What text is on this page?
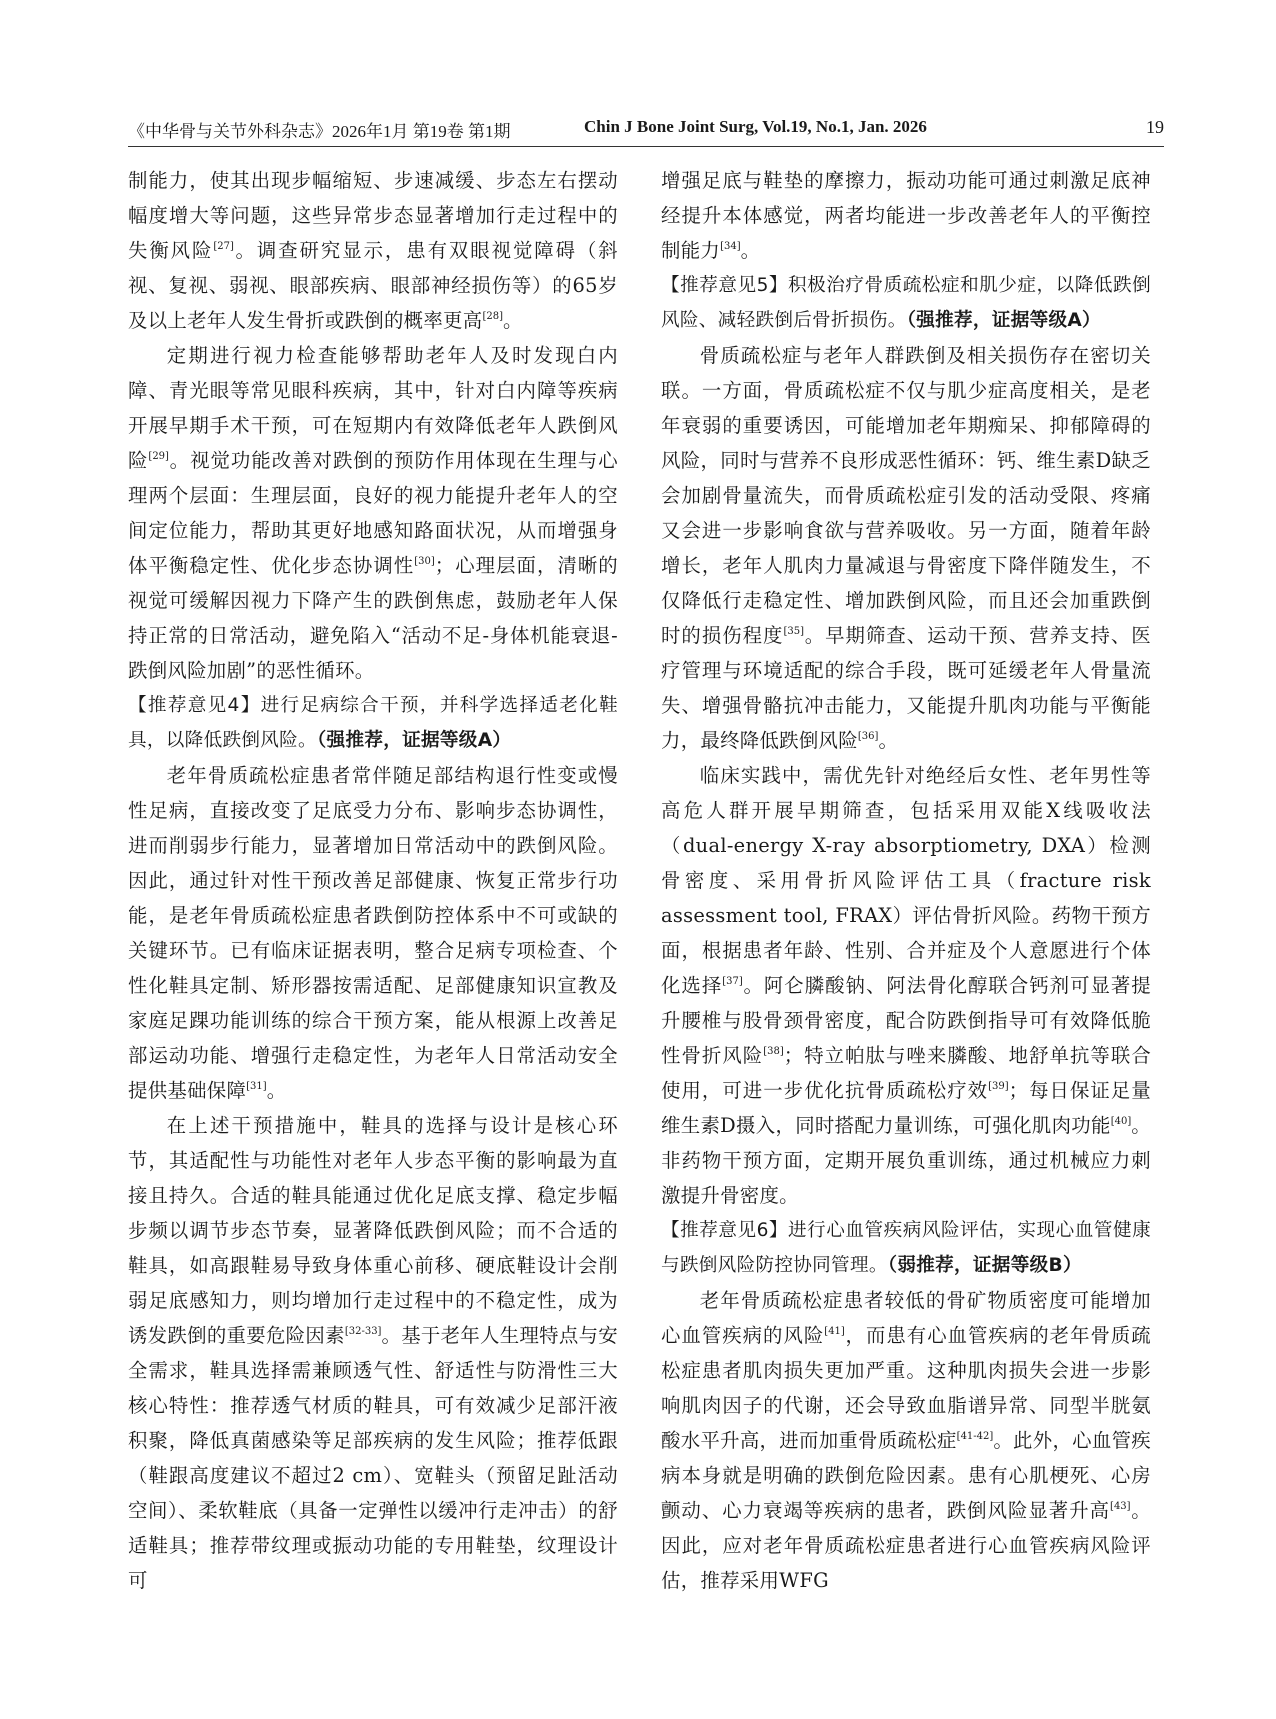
《中华骨与关节外科杂志》2026年1月 第19卷 第1期	Chin J Bone Joint Surg, Vol.19, No.1, Jan. 2026	19

制能力，使其出现步幅缩短、步速减缓、步态左右摆动幅度增大等问题，这些异常步态显著增加行走过程中的失衡风险[27]。调查研究显示，患有双眼视觉障碍（斜视、复视、弱视、眼部疾病、眼部神经损伤等）的65岁及以上老年人发生骨折或跌倒的概率更高[28]。

定期进行视力检查能够帮助老年人及时发现白内障、青光眼等常见眼科疾病，其中，针对白内障等疾病开展早期手术干预，可在短期内有效降低老年人跌倒风险[29]。视觉功能改善对跌倒的预防作用体现在生理与心理两个层面：生理层面，良好的视力能提升老年人的空间定位能力，帮助其更好地感知路面状况，从而增强身体平衡稳定性、优化步态协调性[30]；心理层面，清晰的视觉可缓解因视力下降产生的跌倒焦虑，鼓励老年人保持正常的日常活动，避免陷入“活动不足-身体机能衰退-跌倒风险加剧”的恶性循环。

【推荐意见4】进行足病综合干预，并科学选择适老化鞋具，以降低跌倒风险。（强推荐，证据等级A）

老年骨质疏松症患者常伴随足部结构退行性变或慢性足病，直接改变了足底受力分布、影响步态协调性，进而削弱步行能力，显著增加日常活动中的跌倒风险。因此，通过针对性干预改善足部健康、恢复正常步行功能，是老年骨质疏松症患者跌倒防控体系中不可或缺的关键环节。已有临床证据表明，整合足病专项检查、个性化鞋具定制、矫形器按需适配、足部健康知识宣教及家庭足踝功能训练的综合干预方案，能从根源上改善足部运动功能、增强行走稳定性，为老年人日常活动安全提供基础保障[31]。

在上述干预措施中，鞋具的选择与设计是核心环节，其适配性与功能性对老年人步态平衡的影响最为直接且持久。合适的鞋具能通过优化足底支撑、稳定步幅步频以调节步态节奏，显著降低跌倒风险；而不合适的鞋具，如高跟鞋易导致身体重心前移、硬底鞋设计会削弱足底感知力，则均增加行走过程中的不稳定性，成为诱发跌倒的重要危险因素[32-33]。基于老年人生理特点与安全需求，鞋具选择需兼顾透气性、舒适性与防滑性三大核心特性：推荐透气材质的鞋具，可有效减少足部汗液积聚，降低真菌感染等足部疾病的发生风险；推荐低跟（鞋跟高度建议不超过2 cm）、宽鞋头（预留足趾活动空间）、柔软鞋底（具备一定弹性以缓冲行走冲击）的舒适鞋具；推荐带纹理或振动功能的专用鞋垫，纹理设计可

增强足底与鞋垫的摩擦力，振动功能可通过刺激足底神经提升本体感觉，两者均能进一步改善老年人的平衡控制能力[34]。

【推荐意见5】积极治疗骨质疏松症和肌少症，以降低跌倒风险、减轻跌倒后骨折损伤。（强推荐，证据等级A）

骨质疏松症与老年人群跌倒及相关损伤存在密切关联。一方面，骨质疏松症不仅与肌少症高度相关，是老年衰弱的重要诱因，可能增加老年期痴呆、抑郁障碍的风险，同时与营养不良形成恶性循环：钙、维生素D缺乏会加剧骨量流失，而骨质疏松症引发的活动受限、疼痛又会进一步影响食欲与营养吸收。另一方面，随着年龄增长，老年人肌肉力量减退与骨密度下降伴随发生，不仅降低行走稳定性、增加跌倒风险，而且还会加重跌倒时的损伤程度[35]。早期筛查、运动干预、营养支持、医疗管理与环境适配的综合手段，既可延缓老年人骨量流失、增强骨骼抗冲击能力，又能提升肌肉功能与平衡能力，最终降低跌倒风险[36]。

临床实践中，需优先针对绝经后女性、老年男性等高危人群开展早期筛查，包括采用双能X线吸收法（dual-energy X-ray absorptiometry, DXA）检测骨密度、采用骨折风险评估工具（fracture risk assessment tool, FRAX）评估骨折风险。药物干预方面，根据患者年龄、性别、合并症及个人意愿进行个体化选择[37]。阿仑膦酸钠、阿法骨化醇联合钙剂可显著提升腰椎与股骨颈骨密度，配合防跌倒指导可有效降低脆性骨折风险[38]；特立帕肽与唑来膦酸、地舒单抗等联合使用，可进一步优化抗骨质疏松疗效[39]；每日保证足量维生素D摄入，同时搭配力量训练，可强化肌肉功能[40]。非药物干预方面，定期开展负重训练，通过机械应力刺激提升骨密度。

【推荐意见6】进行心血管疾病风险评估，实现心血管健康与跌倒风险防控协同管理。（弱推荐，证据等级B）

老年骨质疏松症患者较低的骨矿物质密度可能增加心血管疾病的风险[41]，而患有心血管疾病的老年骨质疏松症患者肌肉损失更加严重。这种肌肉损失会进一步影响肌肉因子的代谢，还会导致血脂谱异常、同型半胱氨酸水平升高，进而加重骨质疏松症[41-42]。此外，心血管疾病本身就是明确的跌倒危险因素。患有心肌梗死、心房颤动、心力衰竭等疾病的患者，跌倒风险显著升高[43]。因此，应对老年骨质疏松症患者进行心血管疾病风险评估，推荐采用WFG
